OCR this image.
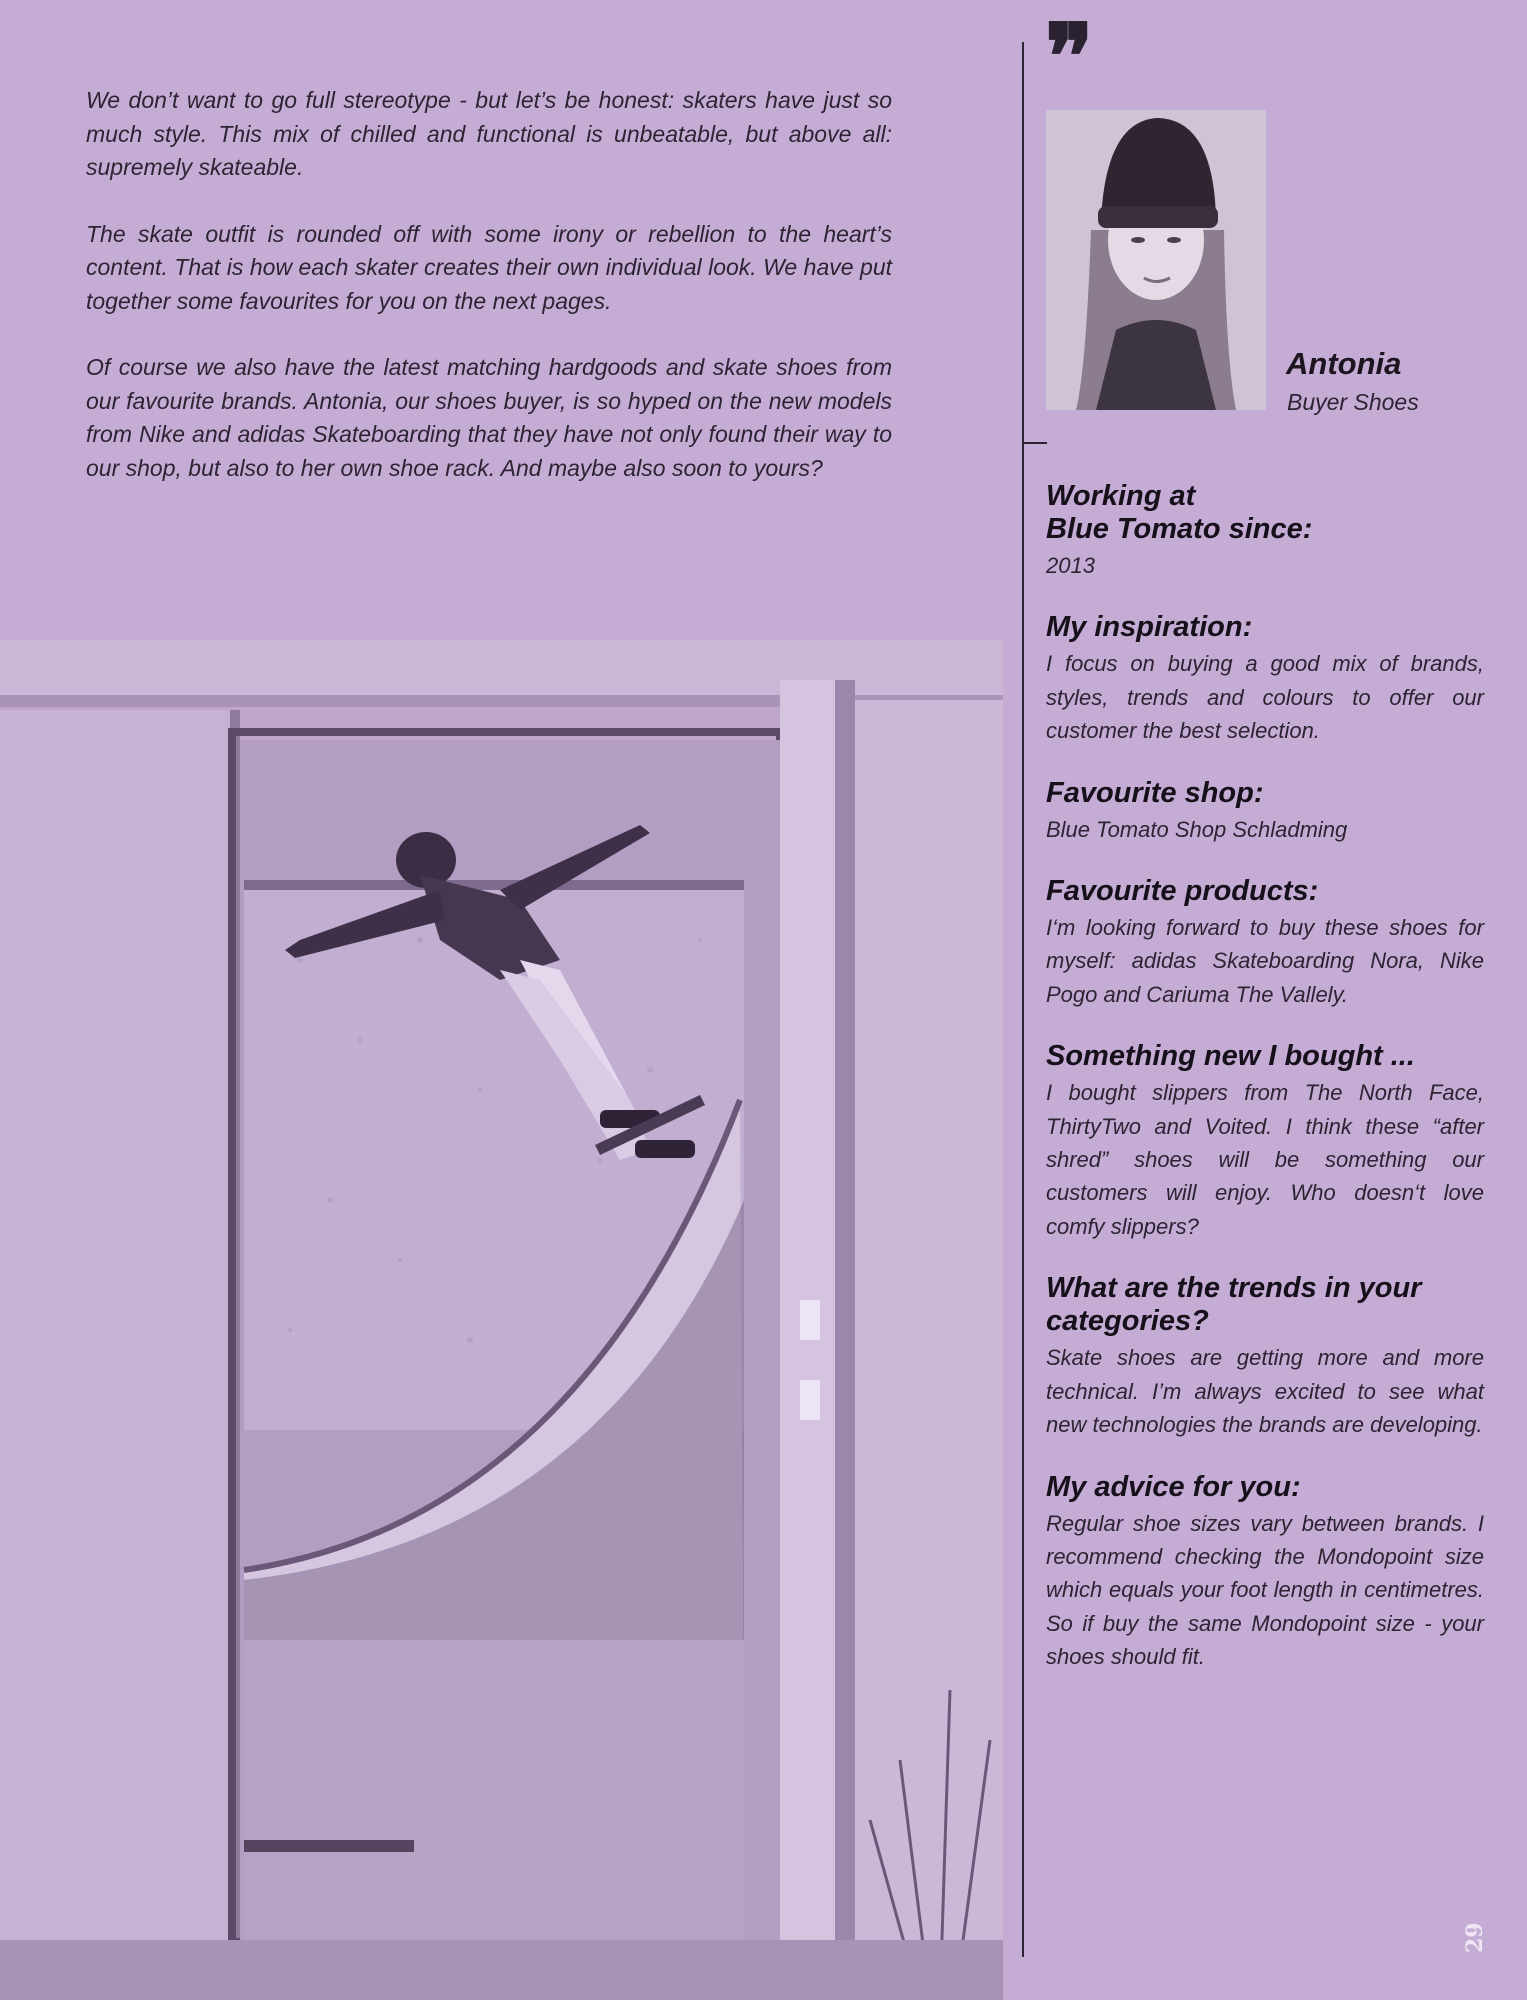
We don’t want to go full stereotype - but let’s be honest: skaters have just so much style. This mix of chilled and functional is unbeatable, but above all: supremely skateable.

The skate outfit is rounded off with some irony or rebellion to the heart’s content. That is how each skater creates their own individual look. We have put together some favourites for you on the next pages.

Of course we also have the latest matching hardgoods and skate shoes from our favourite brands. Antonia, our shoes buyer, is so hyped on the new models from Nike and adidas Skateboarding that they have not only found their way to our shop, but also to her own shoe rack. And maybe also soon to yours?

❞
Antonia
Buyer Shoes

Working at
Blue Tomato since:

2013

My inspiration:

I focus on buying a good mix of brands, styles, trends and colours to offer our customer the best selection.

Favourite shop:

Blue Tomato Shop Schladming

Favourite products:

I‘m looking forward to buy these shoes for myself: adidas Skateboarding Nora, Nike Pogo and Cariuma The Vallely.

Something new I bought ...

I bought slippers from The North Face, ThirtyTwo and Voited. I think these “after shred” shoes will be something our customers will enjoy. Who doesn‘t love comfy slippers?

What are the trends in your
categories?

Skate shoes are getting more and more technical. I’m always excited to see what new technologies the brands are developing.

My advice for you:

Regular shoe sizes vary between brands. I recommend checking the Mondopoint size which equals your foot length in centimetres. So if buy the same Mondopoint size - your shoes should fit.

29
